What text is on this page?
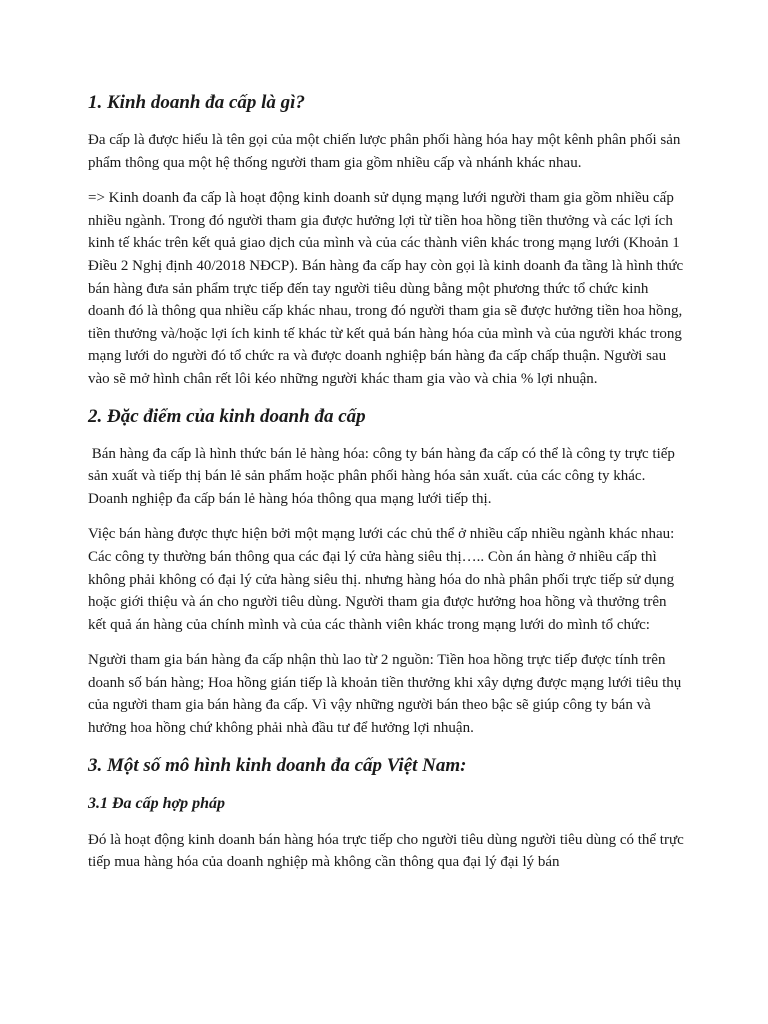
1. Kinh doanh đa cấp là gì?

Đa cấp là được hiểu là tên gọi của một chiến lược phân phối hàng hóa hay một kênh phân phối sản phẩm thông qua một hệ thống người tham gia gồm nhiều cấp và nhánh khác nhau.

=> Kinh doanh đa cấp là hoạt động kinh doanh sử dụng mạng lưới người tham gia gồm nhiều cấp nhiều ngành. Trong đó người tham gia được hưởng lợi từ tiền hoa hồng tiền thưởng và các lợi ích kinh tế khác trên kết quả giao dịch của mình và của các thành viên khác trong mạng lưới (Khoản 1 Điều 2 Nghị định 40/2018 NĐCP). Bán hàng đa cấp hay còn gọi là kinh doanh đa tầng là hình thức bán hàng đưa sản phẩm trực tiếp đến tay người tiêu dùng bằng một phương thức tổ chức kinh doanh đó là thông qua nhiều cấp khác nhau, trong đó người tham gia sẽ được hưởng tiền hoa hồng, tiền thưởng và/hoặc lợi ích kinh tế khác từ kết quả bán hàng hóa của mình và của người khác trong mạng lưới do người đó tổ chức ra và được doanh nghiệp bán hàng đa cấp chấp thuận. Người sau vào sẽ mở hình chân rết lôi kéo những người khác tham gia vào và chia % lợi nhuận.

2. Đặc điểm của kinh doanh đa cấp

Bán hàng đa cấp là hình thức bán lẻ hàng hóa: công ty bán hàng đa cấp có thể là công ty trực tiếp sản xuất và tiếp thị bán lẻ sản phẩm hoặc phân phối hàng hóa sản xuất. của các công ty khác. Doanh nghiệp đa cấp bán lẻ hàng hóa thông qua mạng lưới tiếp thị.

Việc bán hàng được thực hiện bởi một mạng lưới các chủ thể ở nhiều cấp nhiều ngành khác nhau: Các công ty thường bán thông qua các đại lý cửa hàng siêu thị….. Còn án hàng ở nhiều cấp thì không phải không có đại lý cửa hàng siêu thị. nhưng hàng hóa do nhà phân phối trực tiếp sử dụng hoặc giới thiệu và án cho người tiêu dùng. Người tham gia được hưởng hoa hồng và thưởng trên kết quả án hàng của chính mình và của các thành viên khác trong mạng lưới do mình tổ chức:

Người tham gia bán hàng đa cấp nhận thù lao từ 2 nguồn: Tiền hoa hồng trực tiếp được tính trên doanh số bán hàng; Hoa hồng gián tiếp là khoản tiền thưởng khi xây dựng được mạng lưới tiêu thụ của người tham gia bán hàng đa cấp. Vì vậy những người bán theo bậc sẽ giúp công ty bán và hưởng hoa hồng chứ không phải nhà đầu tư để hưởng lợi nhuận.

3. Một số mô hình kinh doanh đa cấp Việt Nam:
3.1 Đa cấp hợp pháp

Đó là hoạt động kinh doanh bán hàng hóa trực tiếp cho người tiêu dùng người tiêu dùng có thể trực tiếp mua hàng hóa của doanh nghiệp mà không cần thông qua đại lý đại lý bán
